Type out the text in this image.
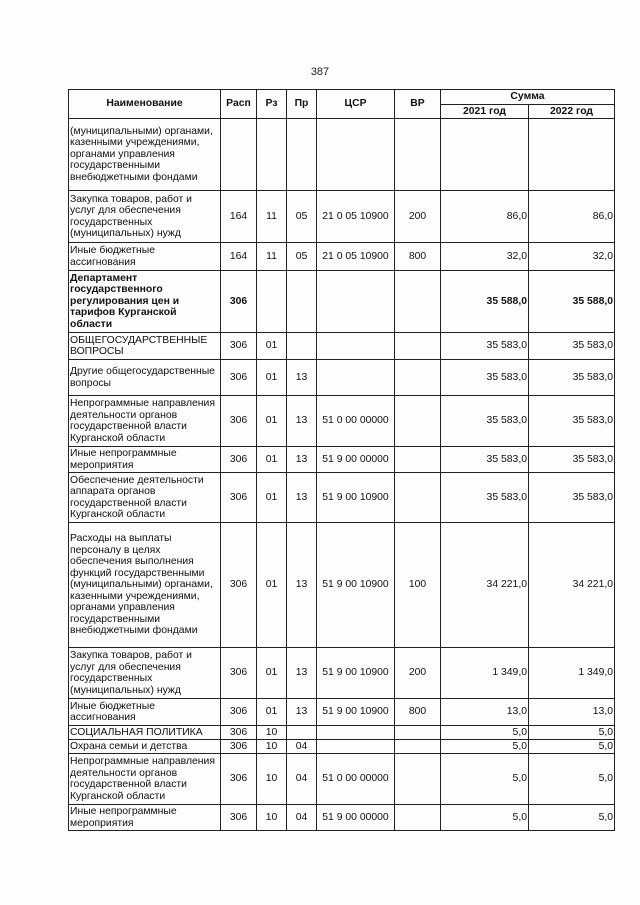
387
Наименование	Расп	Рз	Пр	ЦСР	ВР	Сумма	
						2021 год	2022 год
(муниципальными) органами, казенными учреждениями, органами управления государственными внебюджетными фондами							
Закупка товаров, работ и услуг для обеспечения государственных (муниципальных) нужд	164	11	05	21 0 05 10900	200	86,0	86,0
Иные бюджетные ассигнования	164	11	05	21 0 05 10900	800	32,0	32,0
Департамент государственного регулирования цен и тарифов Курганской области	306					35 588,0	35 588,0
ОБЩЕГОСУДАРСТВЕННЫЕ ВОПРОСЫ	306	01				35 583,0	35 583,0
Другие общегосударственные вопросы	306	01	13			35 583,0	35 583,0
Непрограммные направления деятельности органов государственной власти Курганской области	306	01	13	51 0 00 00000		35 583,0	35 583,0
Иные непрограммные мероприятия	306	01	13	51 9 00 00000		35 583,0	35 583,0
Обеспечение деятельности аппарата органов государственной власти Курганской области	306	01	13	51 9 00 10900		35 583,0	35 583,0
Расходы на выплаты персоналу в целях обеспечения выполнения функций государственными (муниципальными) органами, казенными учреждениями, органами управления государственными внебюджетными фондами	306	01	13	51 9 00 10900	100	34 221,0	34 221,0
Закупка товаров, работ и услуг для обеспечения государственных (муниципальных) нужд	306	01	13	51 9 00 10900	200	1 349,0	1 349,0
Иные бюджетные ассигнования	306	01	13	51 9 00 10900	800	13,0	13,0
СОЦИАЛЬНАЯ ПОЛИТИКА	306	10				5,0	5,0
Охрана семьи и детства	306	10	04			5,0	5,0
Непрограммные направления деятельности органов государственной власти Курганской области	306	10	04	51 0 00 00000		5,0	5,0
Иные непрограммные мероприятия	306	10	04	51 9 00 00000		5,0	5,0
